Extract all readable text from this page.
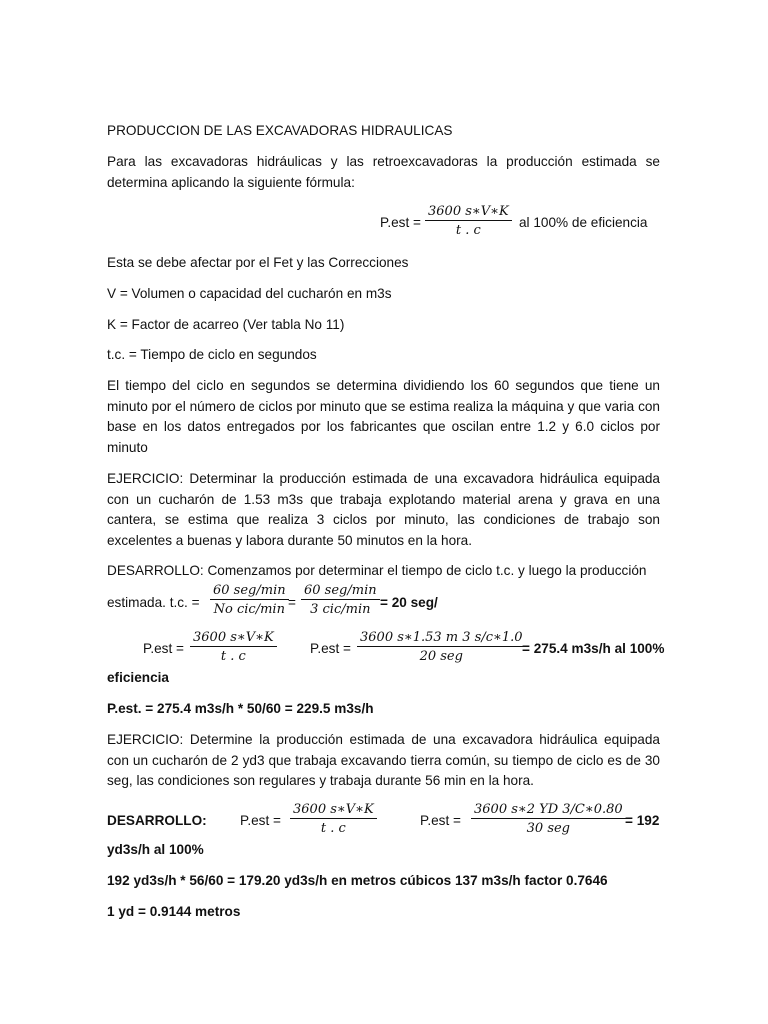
PRODUCCION DE LAS EXCAVADORAS HIDRAULICAS
Para las excavadoras hidráulicas y las retroexcavadoras la producción estimada se determina aplicando la siguiente fórmula:
$P.est = \frac{3600 s∗V∗K}{t . c}$ al 100% de eficiencia
Esta se debe afectar por el Fet y las Correcciones
V = Volumen o capacidad del cucharón en m3s
K = Factor de acarreo (Ver tabla No 11)
t.c. = Tiempo de ciclo en segundos
El tiempo del ciclo en segundos se determina dividiendo los 60 segundos que tiene un minuto por el número de ciclos por minuto que se estima realiza la máquina y que varia con base en los datos entregados por los fabricantes que oscilan entre 1.2 y 6.0 ciclos por minuto
EJERCICIO: Determinar la producción estimada de una excavadora hidráulica equipada con un cucharón de 1.53 m3s que trabaja explotando material arena y grava en una cantera, se estima que realiza 3 ciclos por minuto, las condiciones de trabajo son excelentes a buenas y labora durante 50 minutos en la hora.
DESARROLLO: Comenzamos por determinar el tiempo de ciclo t.c. y luego la producción
estimada. t.c. =
60 seg/min
No cic/min =
60 seg/min
3 cic/min = 20 seg/
$P.est = \frac{3600 s∗V∗K}{t . c} P.est$ =
3600 s∗1.53 m 3 s/c∗1.0
20 seg
= 275.4 m3s/h al 100%
eficiencia
P.est. = 275.4 m3s/h * 50/60 = 229.5 m3s/h
EJERCICIO: Determine la producción estimada de una excavadora hidráulica equipada con un cucharón de 2 yd3 que trabaja excavando tierra común, su tiempo de ciclo es de 30 seg, las condiciones son regulares y trabaja durante 56 min en la hora.
DESARROLLO: $P.est = \frac{3600 s∗V∗K}{t . c}$	P.est =
3600 s∗2 YD 3/C∗0.80
30 seg
= 192
yd3s/h al 100%
192 yd3s/h * 56/60 = 179.20 yd3s/h en metros cúbicos 137 m3s/h factor 0.7646
1 yd = 0.9144 metros
